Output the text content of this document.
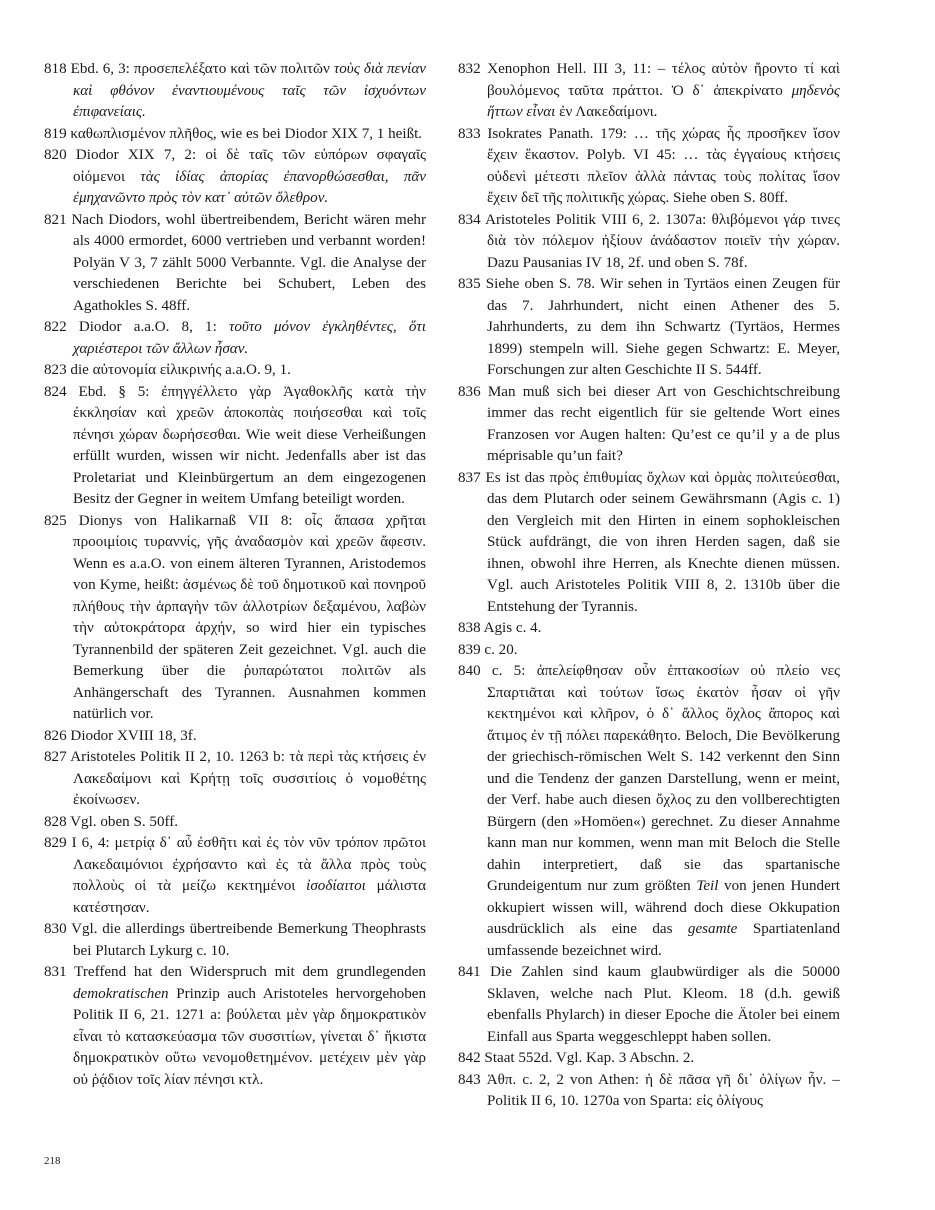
818 Ebd. 6, 3: προσεπελέξατο καὶ τῶν πολιτῶν τοὺς διὰ πενίαν καὶ φθόνον ἐναντιουμένους ταῖς τῶν ἰσχυόντων ἐπιφανείαις.

819 καθωπλισμένον πλῆθος, wie es bei Diodor XIX 7, 1 heißt.

820 Diodor XIX 7, 2: οἱ δὲ ταῖς τῶν εὐπόρων σφαγαῖς οἰόμενοι τὰς ἰδίας ἀπορίας ἐπανορθώσεσθαι, πᾶν ἐμηχανῶντο πρὸς τὸν κατ᾽ αὐτῶν ὄλεθρον.

821 Nach Diodors, wohl übertreibendem, Bericht wären mehr als 4000 ermordet, 6000 vertrieben und verbannt worden! Polyän V 3, 7 zählt 5000 Verbannte. Vgl. die Analyse der verschiedenen Berichte bei Schubert, Leben des Agathokles S. 48ff.

822 Diodor a.a.O. 8, 1: τοῦτο μόνον ἐγκληθέντες, ὅτι χαριέστεροι τῶν ἄλλων ἦσαν.

823 die αὐτονομία εἰλικρινής a.a.O. 9, 1.

824 Ebd. § 5: ἐπηγγέλλετο γὰρ Ἀγαθοκλῆς κατὰ τὴν ἐκκλησίαν καὶ χρεῶν ἀποκοπὰς ποιήσεσθαι καὶ τοῖς πένησι χώραν δωρήσεσθαι. Wie weit diese Verheißungen erfüllt wurden, wissen wir nicht. Jedenfalls aber ist das Proletariat und Kleinbürgertum an dem eingezogenen Besitz der Gegner in weitem Umfang beteiligt worden.

825 Dionys von Halikarnaß VII 8: οἷς ἅπασα χρῆται προοιμίοις τυραννίς, γῆς ἀναδασμὸν καὶ χρεῶν ἄφεσιν. Wenn es a.a.O. von einem älteren Tyrannen, Aristodemos von Kyme, heißt: ἀσμένως δὲ τοῦ δημοτικοῦ καὶ πονηροῦ πλήθους τὴν ἁρπαγὴν τῶν ἀλλοτρίων δεξαμένου, λαβὼν τὴν αὐτοκράτορα ἀρχήν, so wird hier ein typisches Tyrannenbild der späteren Zeit gezeichnet. Vgl. auch die Bemerkung über die ῥυπαρώτατοι πολιτῶν als Anhängerschaft des Tyrannen. Ausnahmen kommen natürlich vor.

826 Diodor XVIII 18, 3f.

827 Aristoteles Politik II 2, 10. 1263 b: τὰ περὶ τὰς κτήσεις ἐν Λακεδαίμονι καὶ Κρήτῃ τοῖς συσσιτίοις ὁ νομοθέτης ἐκοίνωσεν.

828 Vgl. oben S. 50ff.

829 I 6, 4: μετρίᾳ δ᾽ αὖ ἐσθῆτι καὶ ἐς τὸν νῦν τρόπον πρῶτοι Λακεδαιμόνιοι ἐχρήσαντο καὶ ἐς τὰ ἄλλα πρὸς τοὺς πολλοὺς οἱ τὰ μείζω κεκτημένοι ἰσοδίαιτοι μάλιστα κατέστησαν.

830 Vgl. die allerdings übertreibende Bemerkung Theophrasts bei Plutarch Lykurg c. 10.

831 Treffend hat den Widerspruch mit dem grundlegenden demokratischen Prinzip auch Aristoteles hervorgehoben Politik II 6, 21. 1271 a: βούλεται μὲν γὰρ δημοκρατικὸν εἶναι τὸ κατασκεύασμα τῶν συσσιτίων, γίνεται δ᾽ ἥκιστα δημοκρατικὸν οὕτω νενομοθετημένον. μετέχειν μὲν γὰρ οὐ ῥᾴδιον τοῖς λίαν πένησι κτλ.

832 Xenophon Hell. III 3, 11: – τέλος αὐτὸν ἤροντο τί καὶ βουλόμενος ταῦτα πράττοι. Ὁ δ᾽ ἀπεκρίνατο μηδενὸς ἥττων εἶναι ἐν Λακεδαίμονι.

833 Isokrates Panath. 179: … τῆς χώρας ἧς προσῆκεν ἴσον ἔχειν ἕκαστον. Polyb. VI 45: … τὰς ἐγγαίους κτήσεις οὐδενὶ μέτεστι πλεῖον ἀλλὰ πάντας τοὺς πολίτας ἴσον ἔχειν δεῖ τῆς πολιτικῆς χώρας. Siehe oben S. 80ff.

834 Aristoteles Politik VIII 6, 2. 1307a: θλιβόμενοι γάρ τινες διὰ τὸν πόλεμον ἠξίουν ἀνάδαστον ποιεῖν τὴν χώραν. Dazu Pausanias IV 18, 2f. und oben S. 78f.

835 Siehe oben S. 78. Wir sehen in Tyrtäos einen Zeugen für das 7. Jahrhundert, nicht einen Athener des 5. Jahrhunderts, zu dem ihn Schwartz (Tyrtäos, Hermes 1899) stempeln will. Siehe gegen Schwartz: E. Meyer, Forschungen zur alten Geschichte II S. 544ff.

836 Man muß sich bei dieser Art von Geschichtschreibung immer das recht eigentlich für sie geltende Wort eines Franzosen vor Augen halten: Qu’est ce qu’il y a de plus méprisable qu’un fait?

837 Es ist das πρὸς ἐπιθυμίας ὄχλων καὶ ὁρμὰς πολιτεύεσθαι, das dem Plutarch oder seinem Gewährsmann (Agis c. 1) den Vergleich mit den Hirten in einem sophokleischen Stück aufdrängt, die von ihren Herden sagen, daß sie ihnen, obwohl ihre Herren, als Knechte dienen müssen. Vgl. auch Aristoteles Politik VIII 8, 2. 1310b über die Entstehung der Tyrannis.

838 Agis c. 4.

839 c. 20.

840 c. 5: ἀπελείφθησαν οὖν ἑπτακοσίων οὐ πλείο νες Σπαρτιᾶται καὶ τούτων ἴσως ἑκατὸν ἦσαν οἱ γῆν κεκτημένοι καὶ κλῆρον, ὁ δ᾽ ἄλλος ὄχλος ἄπορος καὶ ἄτιμος ἐν τῇ πόλει παρεκάθητο. Beloch, Die Bevölkerung der griechisch-römischen Welt S. 142 verkennt den Sinn und die Tendenz der ganzen Darstellung, wenn er meint, der Verf. habe auch diesen ὄχλος zu den vollberechtigten Bürgern (den »Homöen«) gerechnet. Zu dieser Annahme kann man nur kommen, wenn man mit Beloch die Stelle dahin interpretiert, daß sie das spartanische Grundeigentum nur zum größten Teil von jenen Hundert okkupiert wissen will, während doch diese Okkupation ausdrücklich als eine das gesamte Spartiatenland umfassende bezeichnet wird.

841 Die Zahlen sind kaum glaubwürdiger als die 50000 Sklaven, welche nach Plut. Kleom. 18 (d.h. gewiß ebenfalls Phylarch) in dieser Epoche die Ätoler bei einem Einfall aus Sparta weggeschleppt haben sollen.

842 Staat 552d. Vgl. Kap. 3 Abschn. 2.

843 Ἀθπ. c. 2, 2 von Athen: ἡ δὲ πᾶσα γῆ δι᾽ ὀλίγων ἦν. – Politik II 6, 10. 1270a von Sparta: εἰς ὀλίγους

218
